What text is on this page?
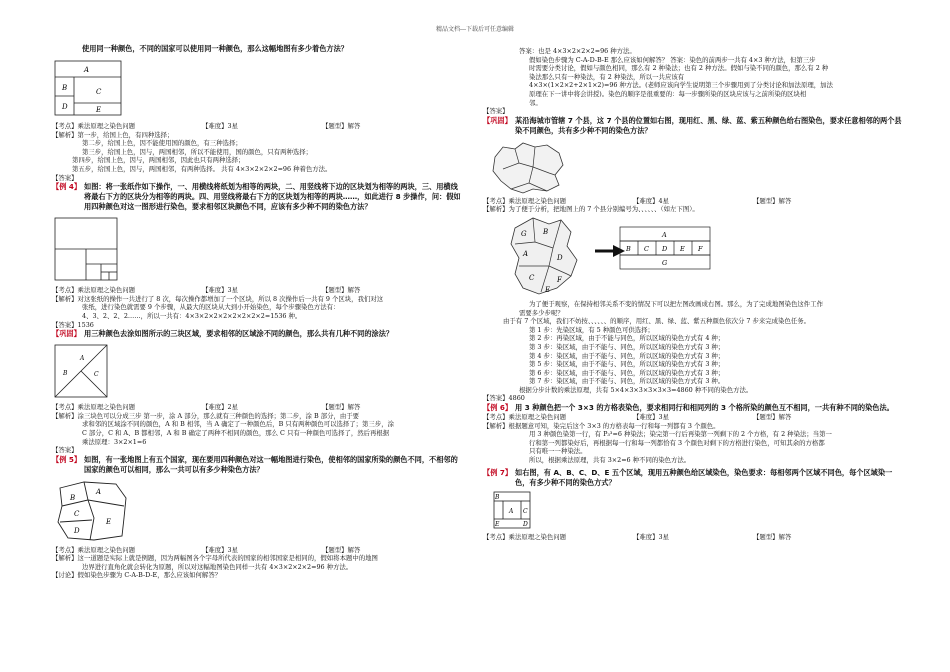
精品文档---下载后可任意编辑
使用同一种颜色，不同的国家可以使用同一种颜色，那么这幅地图有多少着色方法？
A
B	C
E
D
【考点】乘法原理之染色问题	【难度】3星	【题型】解答
【解析】第一步，给国上色，有四种选择；
第二步，给国上色，因不能使用国的颜色，有三种选择；
第三步，给国上色，因与，两国相邻，所以不能使用，国的颜色，只有两种选择；
第四步，给国上色，因与，两国相邻，因此也只有两种选择；
第五步，给国上色，因与，两国相邻，有两种选择。 共有 4×3×2×2×2=96 种着色方法。
【答案】
【例 4】 如图：将一张纸作如下操作，一、用横线将纸划为相等的两块，二、用竖线将下边的区块划为相等的两块，三、用横线将最右下方的区块分为相等的两块。四、用竖线将最右下方的区块划为相等的两块……，如此进行 8 步操作，问：假如用四种颜色对这一图形进行染色，要求相邻区块颜色不同，应该有多少种不同的染色方法？
【考点】乘法原理之染色问题	【难度】3星	【题型】解答
【解析】对这张纸的操作一共进行了 8 次，每次操作都增加了一个区块，所以 8 次操作后一共有 9 个区块，我们对这
张纸，进行染色就需要 9 个步骤，从最大的区块从大到小开始染色，每个步骤染色方法有：
4、3、2、2、2……，所以一共有：4×3×2×2×2×2×2×2×2=1536 种。
【答案】1536
【巩固】 用三种颜色去涂如图所示的三块区域，要求相邻的区域涂不同的颜色，那么共有几种不同的涂法？
A
B	C
【考点】乘法原理之染色问题	【难度】2星	【题型】解答
【解析】涂三块色可以分成三步 第一步，涂 A 部分，那么就有三种颜色的选择；第二步，涂 B 部分，由于要
求和邻的区域涂不同的颜色，A 和 B 相邻，当 A 确定了一种颜色后，B 只有两种颜色可以选择了；第三步，涂
C 部分，C 和 A、B 都相邻，A 和 B 确定了两种不相同的颜色，那么 C 只有一种颜色可选择了，然后再根据
乘法原理：3×2×1=6
【答案】
【例 5】 如图，有一张地图上有五个国家，现在要用四种颜色对这一幅地图进行染色，使相邻的国家所染的颜色不同，不相邻的国家的颜色可以相同，那么一共可以有多少种染色方法？
A
B
C
D
E
【考点】乘法原理之染色问题	【难度】3星	【题型】解答
【解析】这一道题是实际上就是例题，因为两幅图各个字母所代表的国家的相邻国家是相同的，假如将本题中的地图
边界进行直角化就会转化为原题，所以对这幅地图染色同样一共有 4×3×2×2×2=96 种方法。
【讨论】假如染色步骤为 C-A-B-D-E，那么应该如何解答？
答案：也是 4×3×2×2×2=96 种方法。
假如染色步骤为 C-A-D-B-E 那么应该如何解答？ 答案：染色的前两步一共有 4×3 种方法，但第三步
时需要分类讨论，假如与颜色相同，那么有 2 种染法；也有 2 种方法。假如与染不同的颜色，那么有 2 种
染法那么只有一种染法，有 2 种染法，所以一共应该有
4×3×(1×2×2+2×1×2)=96 种方法。(老师应该向学生说明第三个步骤用到了分类讨论和加法原理，加法
原理在下一讲中将会讲授)。染色的顺序是很重要的：每一步骤所染的区块应该与之前所染的区块相
邻。
【答案】
【巩固】 某沿海城市管辖 7 个县，这 7 个县的位置如右图，现用红、黑、绿、蓝、紫五种颜色给右图染色，要求任意相邻的两个县染不同颜色，共有多少种不同的染色方法？
【考点】乘法原理之染色问题	【难度】4星	【题型】解答
【解析】为了便于分析，把地图上的 7 个县分别编号为、、、、、、（如左下图）。
G B
A	D
C	F
E
A
B C D E F
G
为了便于观察，在保持相邻关系不变的情况下可以把左图改画成右图。那么，为了完成地图染色这件工作
需要多少步呢？
由于有 7 个区域，我们不妨按、、、、、、的顺序，用红、黑、绿、蓝、紫五种颜色依次分 7 步来完成染色任务。
第 1 步：先染区域，有 5 种颜色可供选择；
第 2 步：再染区域，由于不能与同色，所以区域的染色方式有 4 种；
第 3 步：染区域，由于不能与、同色，所以区域的染色方式有 3 种；
第 4 步：染区域，由于不能与、同色，所以区域的染色方式有 3 种；
第 5 步：染区域，由于不能与、同色，所以区域的染色方式有 3 种；
第 6 步：染区域，由于不能与、同色，所以区域的染色方式有 3 种；
第 7 步：染区域，由于不能与、同色，所以区域的染色方式有 3 种。
根据分步计数的乘法原理，共有 5×4×3×3×3×3×3=4860 种不同的染色方法。
【答案】4860
【例 6】 用 3 种颜色把一个 3×3 的方格表染色，要求相同行和相同列的 3 个格所染的颜色互不相同，一共有种不同的染色法。
【考点】乘法原理之染色问题	【难度】3星	【题型】解答
【解析】根据题意可知，染完后这个 3×3 的方格表每一行和每一列都有 3 个颜色。
用 3 种颜色染第一行，有 P₃³=6 种染法；染完第一行后再染第一列剩下的 2 个方格，有 2 种染法；当第一
行和第一列都染好后，再根据每一行和每一列都恰有 3 个颜色对剩下的方格进行染色，可知其余的方格都
只有唯一一种染法。
所以，根据乘法原理，共有 3×2=6 种不同的染色方法。
【例 7】 如右图，有 A、B、C、D、E 五个区域，现用五种颜色给区域染色，染色要求：每相邻两个区域不同色，每个区域染一色，有多少种不同的染色方式？
B
A C
E	D
【考点】乘法原理之染色问题	【难度】3星	【题型】解答
